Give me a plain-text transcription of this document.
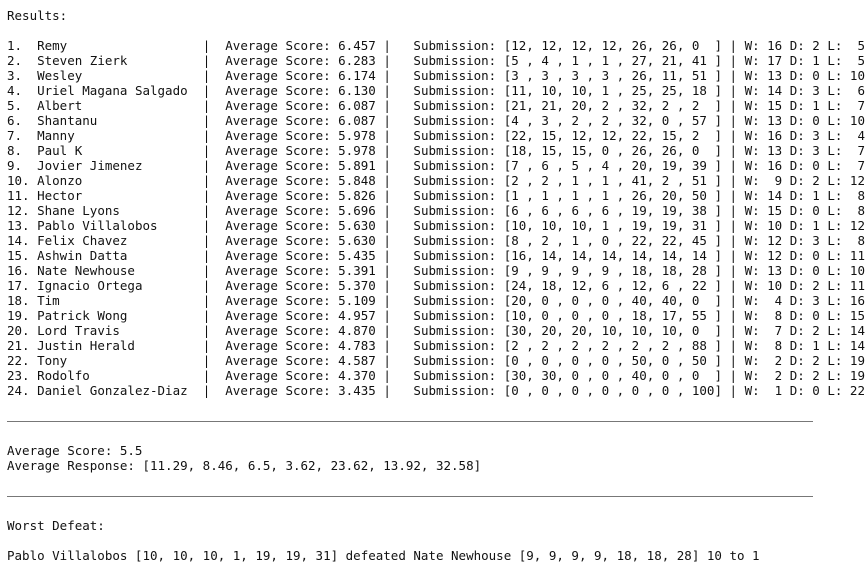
Results:
1.  Remy                  |  Average Score: 6.457 |   Submission: [12, 12, 12, 12, 26, 26, 0  ] | W: 16 D: 2 L:  5
2.  Steven Zierk          |  Average Score: 6.283 |   Submission: [5 , 4 , 1 , 1 , 27, 21, 41 ] | W: 17 D: 1 L:  5
3.  Wesley                |  Average Score: 6.174 |   Submission: [3 , 3 , 3 , 3 , 26, 11, 51 ] | W: 13 D: 0 L: 10
4.  Uriel Magana Salgado  |  Average Score: 6.130 |   Submission: [11, 10, 10, 1 , 25, 25, 18 ] | W: 14 D: 3 L:  6
5.  Albert                |  Average Score: 6.087 |   Submission: [21, 21, 20, 2 , 32, 2 , 2  ] | W: 15 D: 1 L:  7
6.  Shantanu              |  Average Score: 6.087 |   Submission: [4 , 3 , 2 , 2 , 32, 0 , 57 ] | W: 13 D: 0 L: 10
7.  Manny                 |  Average Score: 5.978 |   Submission: [22, 15, 12, 12, 22, 15, 2  ] | W: 16 D: 3 L:  4
8.  Paul K                |  Average Score: 5.978 |   Submission: [18, 15, 15, 0 , 26, 26, 0  ] | W: 13 D: 3 L:  7
9.  Jovier Jimenez        |  Average Score: 5.891 |   Submission: [7 , 6 , 5 , 4 , 20, 19, 39 ] | W: 16 D: 0 L:  7
10. Alonzo                |  Average Score: 5.848 |   Submission: [2 , 2 , 1 , 1 , 41, 2 , 51 ] | W:  9 D: 2 L: 12
11. Hector                |  Average Score: 5.826 |   Submission: [1 , 1 , 1 , 1 , 26, 20, 50 ] | W: 14 D: 1 L:  8
12. Shane Lyons           |  Average Score: 5.696 |   Submission: [6 , 6 , 6 , 6 , 19, 19, 38 ] | W: 15 D: 0 L:  8
13. Pablo Villalobos      |  Average Score: 5.630 |   Submission: [10, 10, 10, 1 , 19, 19, 31 ] | W: 10 D: 1 L: 12
14. Felix Chavez          |  Average Score: 5.630 |   Submission: [8 , 2 , 1 , 0 , 22, 22, 45 ] | W: 12 D: 3 L:  8
15. Ashwin Datta          |  Average Score: 5.435 |   Submission: [16, 14, 14, 14, 14, 14, 14 ] | W: 12 D: 0 L: 11
16. Nate Newhouse         |  Average Score: 5.391 |   Submission: [9 , 9 , 9 , 9 , 18, 18, 28 ] | W: 13 D: 0 L: 10
17. Ignacio Ortega        |  Average Score: 5.370 |   Submission: [24, 18, 12, 6 , 12, 6 , 22 ] | W: 10 D: 2 L: 11
18. Tim                   |  Average Score: 5.109 |   Submission: [20, 0 , 0 , 0 , 40, 40, 0  ] | W:  4 D: 3 L: 16
19. Patrick Wong          |  Average Score: 4.957 |   Submission: [10, 0 , 0 , 0 , 18, 17, 55 ] | W:  8 D: 0 L: 15
20. Lord Travis           |  Average Score: 4.870 |   Submission: [30, 20, 20, 10, 10, 10, 0  ] | W:  7 D: 2 L: 14
21. Justin Herald         |  Average Score: 4.783 |   Submission: [2 , 2 , 2 , 2 , 2 , 2 , 88 ] | W:  8 D: 1 L: 14
22. Tony                  |  Average Score: 4.587 |   Submission: [0 , 0 , 0 , 0 , 50, 0 , 50 ] | W:  2 D: 2 L: 19
23. Rodolfo               |  Average Score: 4.370 |   Submission: [30, 30, 0 , 0 , 40, 0 , 0  ] | W:  2 D: 2 L: 19
24. Daniel Gonzalez-Diaz  |  Average Score: 3.435 |   Submission: [0 , 0 , 0 , 0 , 0 , 0 , 100] | W:  1 D: 0 L: 22
Average Score: 5.5
Average Response: [11.29, 8.46, 6.5, 3.62, 23.62, 13.92, 32.58]
Worst Defeat:
Pablo Villalobos [10, 10, 10, 1, 19, 19, 31] defeated Nate Newhouse [9, 9, 9, 9, 18, 18, 28] 10 to 1
